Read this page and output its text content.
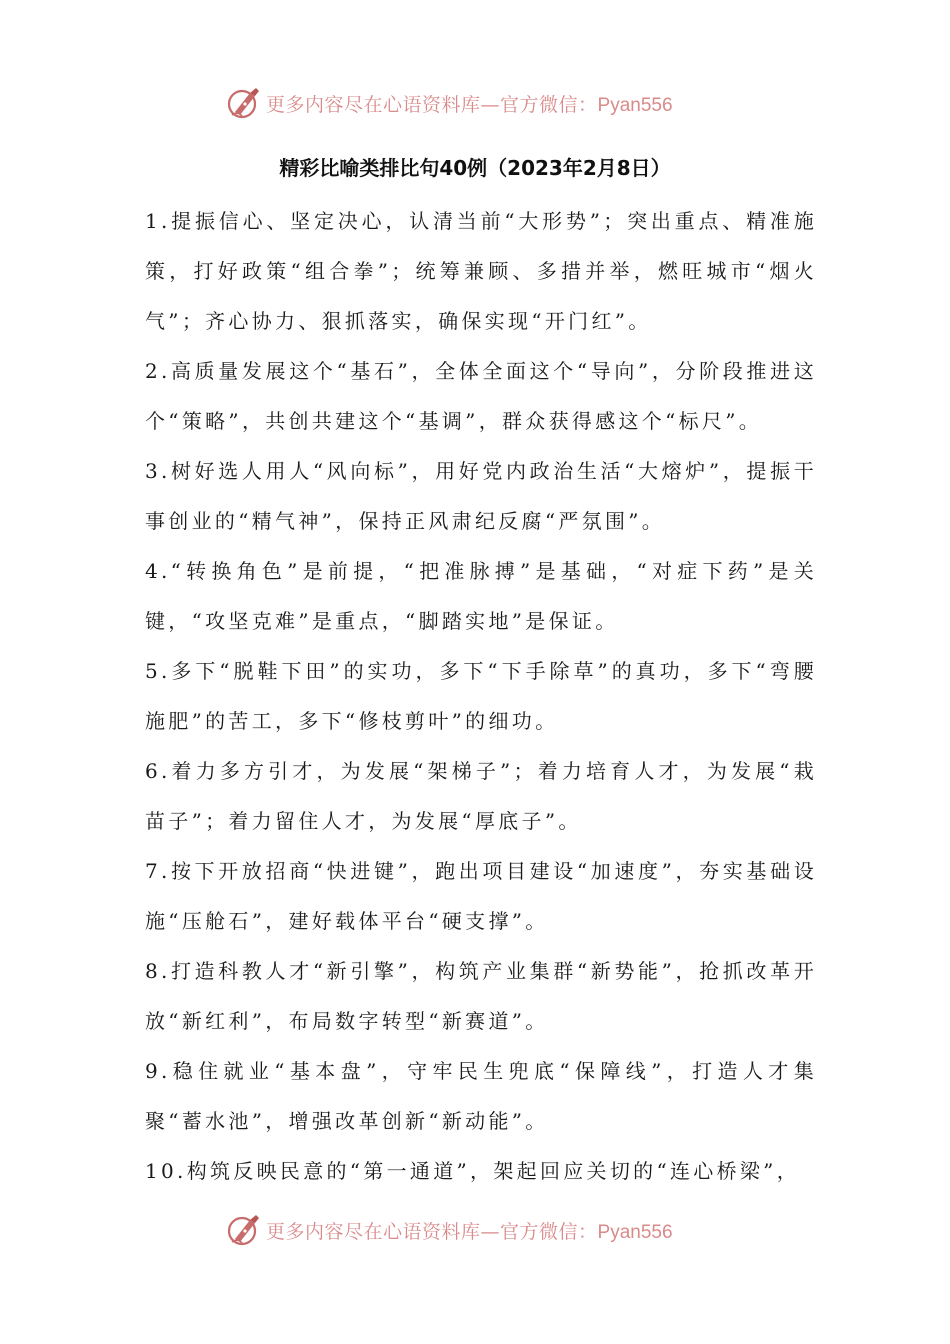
更多内容尽在心语资料库—官方微信：Pyan556
精彩比喻类排比句40例（2023年2月8日）

1.提振信心、坚定决心，认清当前“大形势”；突出重点、精准施策，打好政策“组合拳”；统筹兼顾、多措并举，燃旺城市“烟火气”；齐心协力、狠抓落实，确保实现“开门红”。

2.高质量发展这个“基石”，全体全面这个“导向”，分阶段推进这个“策略”，共创共建这个“基调”，群众获得感这个“标尺”。

3.树好选人用人“风向标”，用好党内政治生活“大熔炉”，提振干事创业的“精气神”，保持正风肃纪反腐“严氛围”。

4.“转换角色”是前提，“把准脉搏”是基础，“对症下药”是关键，“攻坚克难”是重点，“脚踏实地”是保证。

5.多下“脱鞋下田”的实功，多下“下手除草”的真功，多下“弯腰施肥”的苦工，多下“修枝剪叶”的细功。

6.着力多方引才，为发展“架梯子”；着力培育人才，为发展“栽苗子”；着力留住人才，为发展“厚底子”。

7.按下开放招商“快进键”，跑出项目建设“加速度”，夯实基础设施“压舱石”，建好载体平台“硬支撑”。

8.打造科教人才“新引擎”，构筑产业集群“新势能”，抢抓改革开放“新红利”，布局数字转型“新赛道”。

9.稳住就业“基本盘”，守牢民生兜底“保障线”，打造人才集聚“蓄水池”，增强改革创新“新动能”。

10.构筑反映民意的“第一通道”，架起回应关切的“连心桥梁”，

更多内容尽在心语资料库—官方微信：Pyan556
